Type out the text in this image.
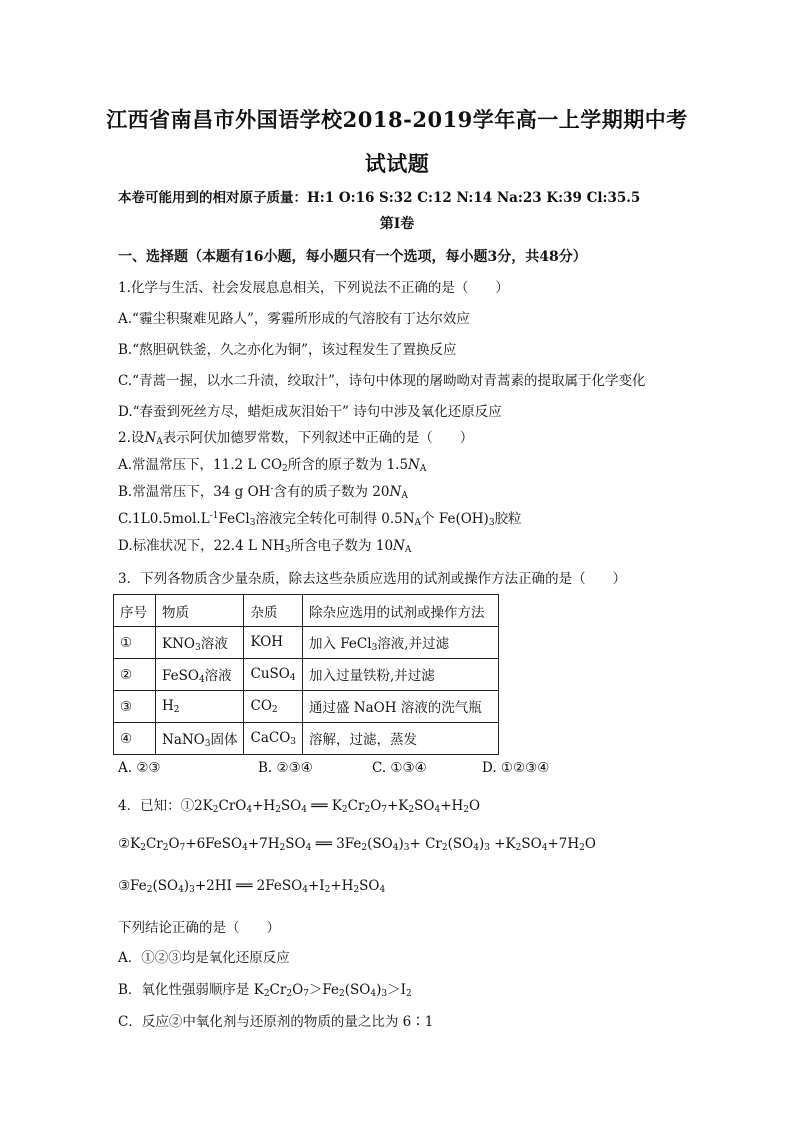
江西省南昌市外国语学校2018-2019学年高一上学期期中考
试试题
本卷可能用到的相对原子质量：H:1 O:16 S:32 C:12 N:14 Na:23 K:39 Cl:35.5
第Ⅰ卷
一、选择题（本题有16小题，每小题只有一个选项，每小题3分，共48分）
1.化学与生活、社会发展息息相关，下列说法不正确的是（　　）
A.“霾尘积聚难见路人”，雾霾所形成的气溶胶有丁达尔效应
B.“熬胆矾铁釜，久之亦化为铜”，该过程发生了置换反应
C.“青蒿一握，以水二升渍，绞取汁”，诗句中体现的屠呦呦对青蒿素的提取属于化学变化
D.“春蚕到死丝方尽，蜡炬成灰泪始干” 诗句中涉及氧化还原反应
2.设$N_A$表示阿伏加德罗常数，下列叙述中正确的是（　　）
A.常温常压下，11.2 L $CO_2$所含的原子数为 $1.5N_A$
B.常温常压下，34 g OH-含有的质子数为 $20N_A$
$C.1L0.5mol.L^{-1}FeCl_3$溶液完全转化可制得 $0.5N_A$个 $Fe(OH)_3$胶粒
D.标准状况下，22.4 L $NH_3$所含电子数为 $10N_A$
3．下列各物质含少量杂质，除去这些杂质应选用的试剂或操作方法正确的是（　　）
序号	物质	杂质	除杂应选用的试剂或操作方法
①	$KNO_3$溶液	KOH	加入 FeCl$_3$溶液,并过滤
②	FeSO$_4$溶液	CuSO$_4$	加入过量铁粉,并过滤
③	$H_2$	$CO_2$	通过盛 NaOH 溶液的洗气瓶
④	NaNO$_3$固体	CaCO$_3$	溶解，过滤，蒸发
A. ②③	B. ②③④	C. ①③④	D. ①②③④
4．已知：$①2K_2CrO_4+H_2SO_4$ ══ $K_2Cr_2O_7+K_2SO_4+H_2O$
$②K_2Cr_2O_7+6FeSO_4+7H_2SO_4$ ══ $3Fe_2(SO_4)_3+ Cr_2(SO_4)_3 +K_2SO_4+7H_2O$
$③Fe_2(SO_4)_3+2HI$ ══ $2FeSO_4+I_2+H_2SO_4$
下列结论正确的是（　　）
A．①②③均是氧化还原反应
B．氧化性强弱顺序是 $K_2Cr_2O_7>Fe_2(SO_4)_3>I_2$
C．反应②中氧化剂与还原剂的物质的量之比为 6∶1
